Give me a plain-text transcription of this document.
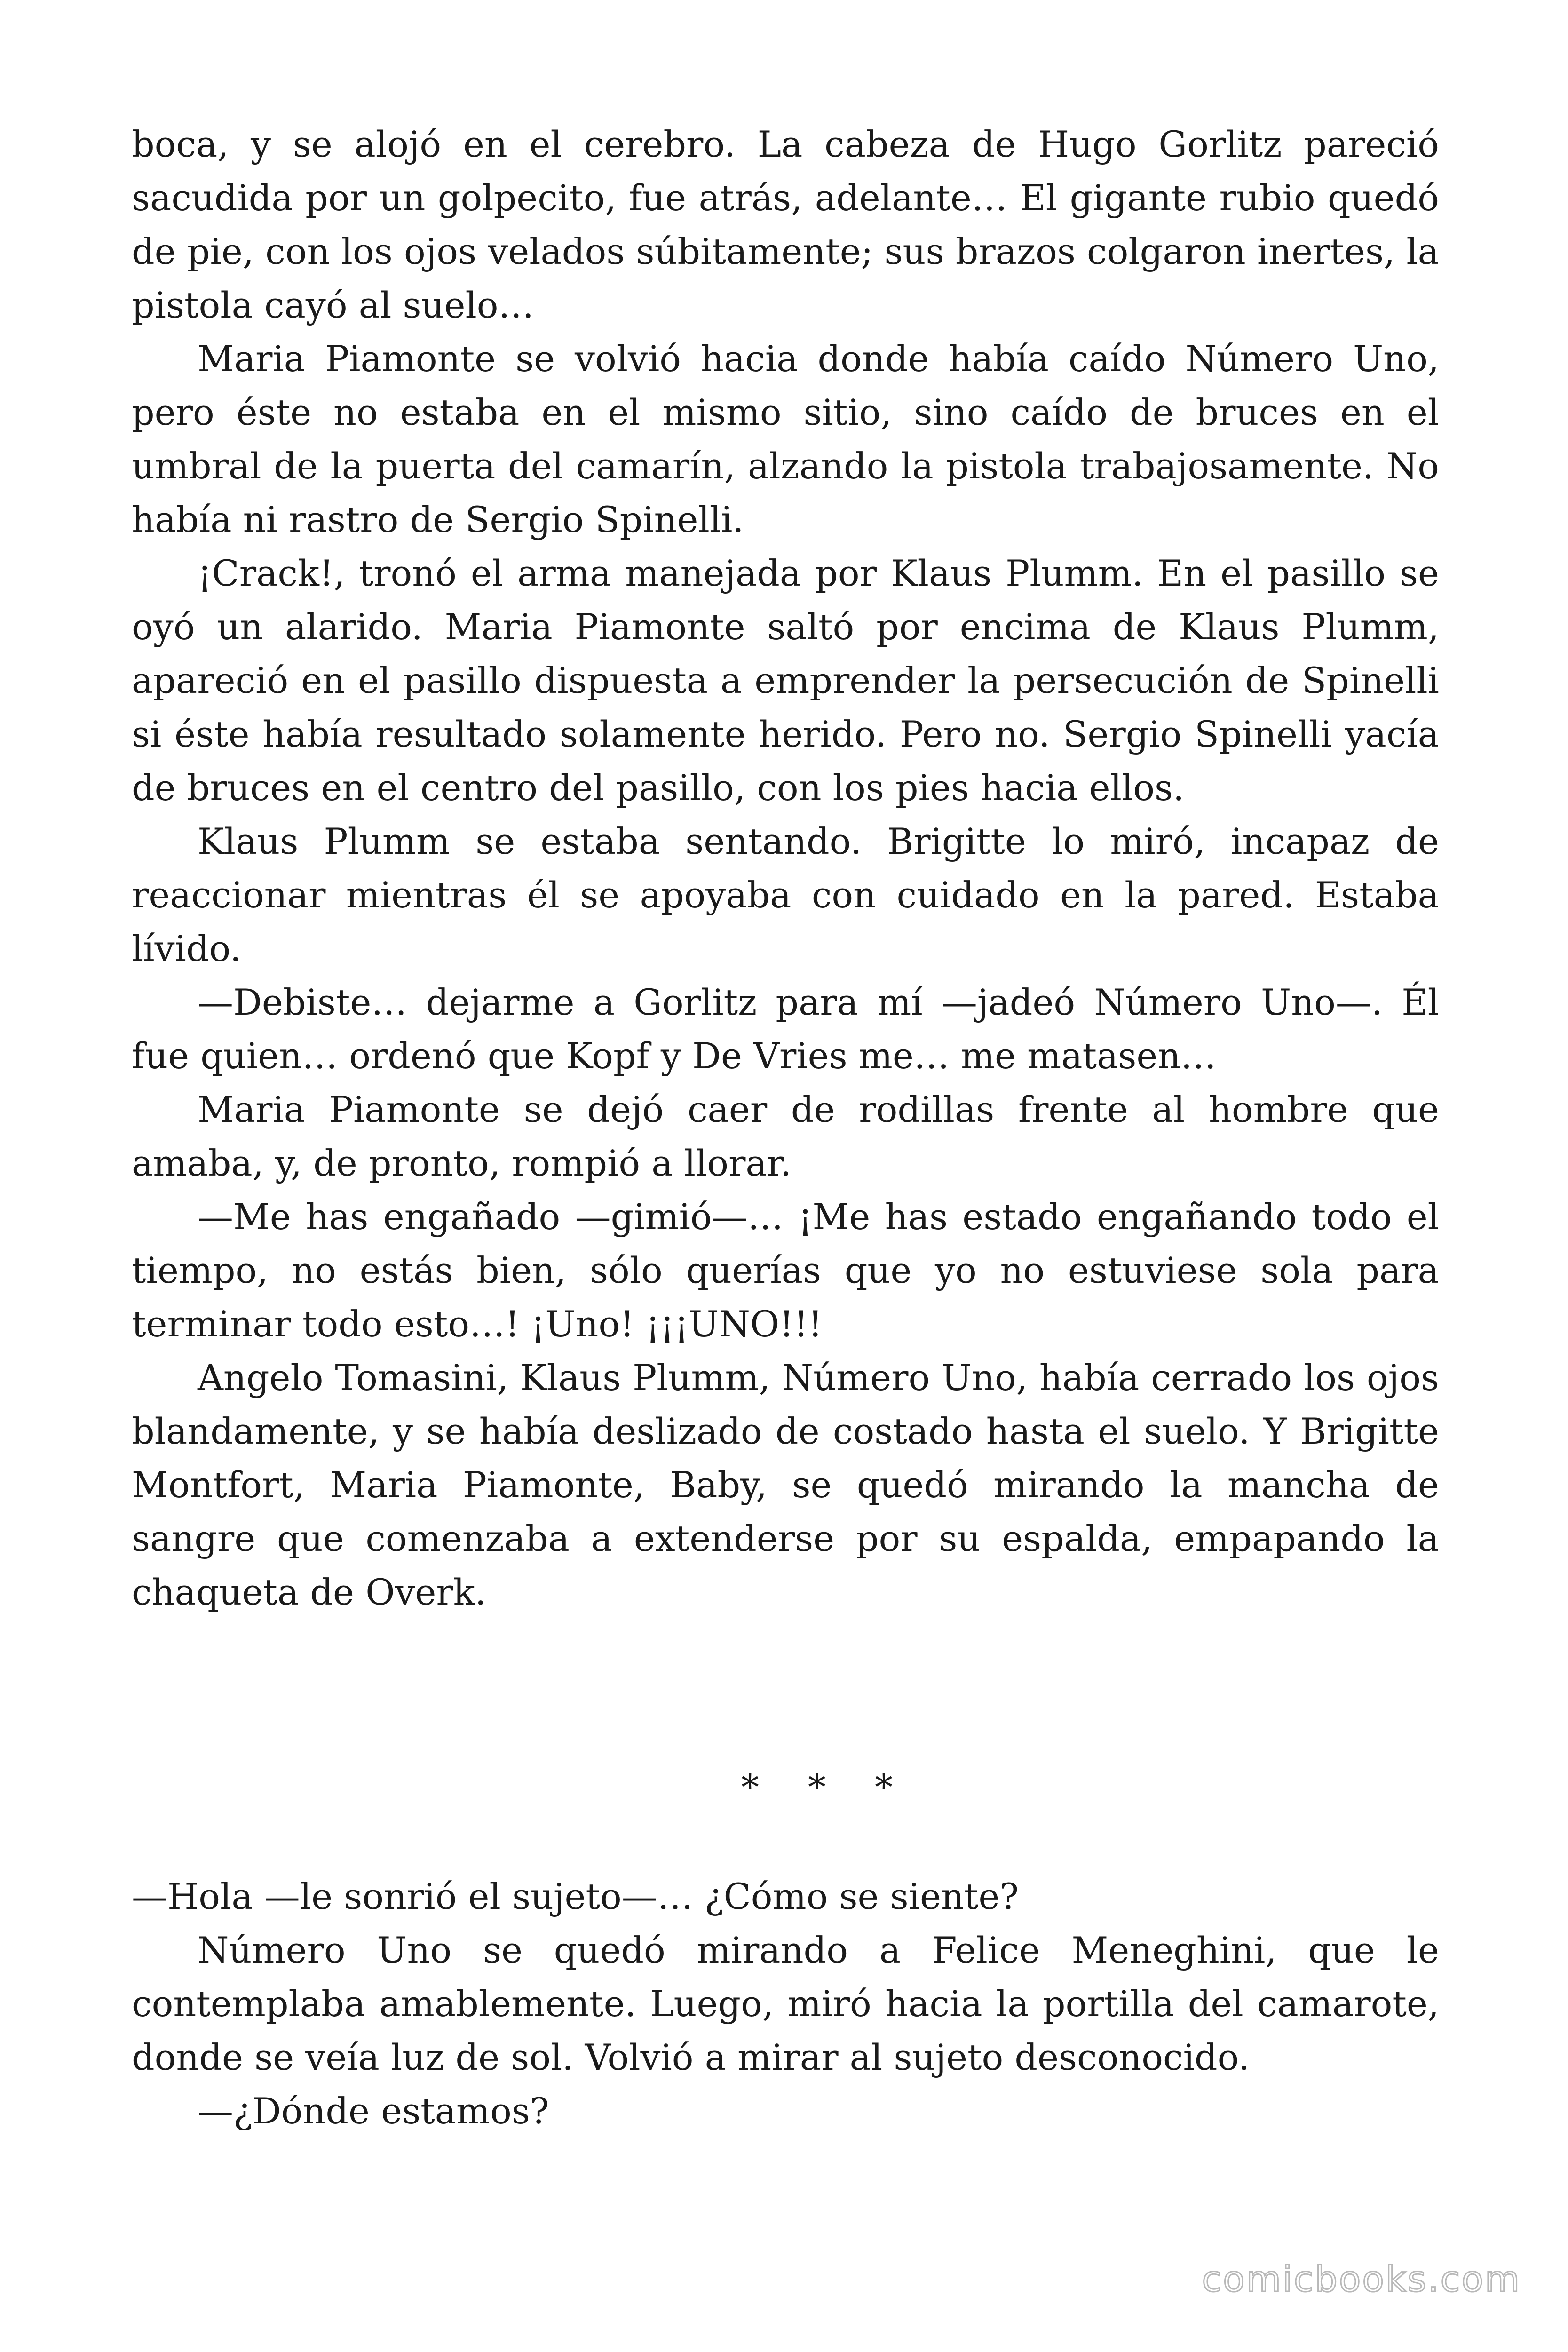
boca, y se alojó en el cerebro. La cabeza de Hugo Gorlitz pareció sacudida por un golpecito, fue atrás, adelante… El gigante rubio quedó de pie, con los ojos velados súbitamente; sus brazos colgaron inertes, la pistola cayó al suelo…

Maria Piamonte se volvió hacia donde había caído Número Uno, pero éste no estaba en el mismo sitio, sino caído de bruces en el umbral de la puerta del camarín, alzando la pistola trabajosamente. No había ni rastro de Sergio Spinelli.

¡Crack!, tronó el arma manejada por Klaus Plumm. En el pasillo se oyó un alarido. Maria Piamonte saltó por encima de Klaus Plumm, apareció en el pasillo dispuesta a emprender la persecución de Spinelli si éste había resultado solamente herido. Pero no. Sergio Spinelli yacía de bruces en el centro del pasillo, con los pies hacia ellos.

Klaus Plumm se estaba sentando. Brigitte lo miró, incapaz de reaccionar mientras él se apoyaba con cuidado en la pared. Estaba lívido.

—Debiste… dejarme a Gorlitz para mí —jadeó Número Uno—. Él fue quien… ordenó que Kopf y De Vries me… me matasen…

Maria Piamonte se dejó caer de rodillas frente al hombre que amaba, y, de pronto, rompió a llorar.

—Me has engañado —gimió—… ¡Me has estado engañando todo el tiempo, no estás bien, sólo querías que yo no estuviese sola para terminar todo esto…! ¡Uno! ¡¡¡UNO!!!

Angelo Tomasini, Klaus Plumm, Número Uno, había cerrado los ojos blandamente, y se había deslizado de costado hasta el suelo. Y Brigitte Montfort, Maria Piamonte, Baby, se quedó mirando la mancha de sangre que comenzaba a extenderse por su espalda, empapando la chaqueta de Overk.

* * *

—Hola —le sonrió el sujeto—… ¿Cómo se siente?

Número Uno se quedó mirando a Felice Meneghini, que le contemplaba amablemente. Luego, miró hacia la portilla del camarote, donde se veía luz de sol. Volvió a mirar al sujeto desconocido.

—¿Dónde estamos?

comicbooks.com
